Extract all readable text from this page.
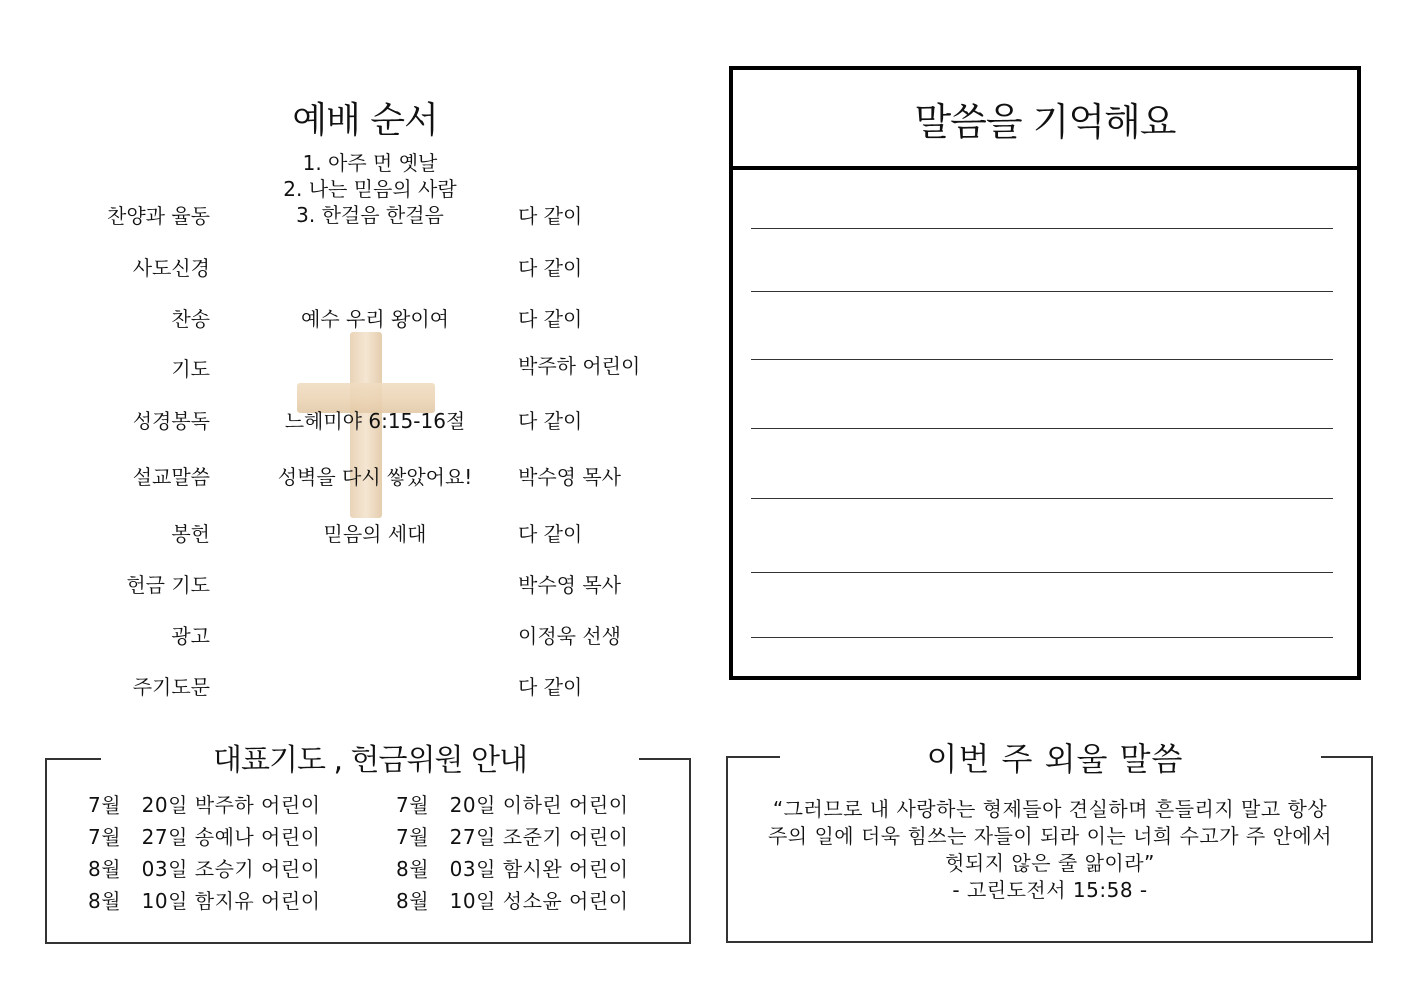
예배 순서
1. 아주 먼 옛날
2. 나는 믿음의 사람
3. 한걸음 한걸음
찬양과 율동	다 같이
사도신경	다 같이
찬송	예수 우리 왕이여	다 같이
기도	박주하 어린이
성경봉독	느헤미야 6:15-16절	다 같이
설교말씀	성벽을 다시 쌓았어요!	박수영 목사
봉헌	믿음의 세대	다 같이
헌금 기도	박수영 목사
광고	이정욱 선생
주기도문	다 같이
말씀을 기억해요
대표기도 , 헌금위원 안내
7월   20일 박주하 어린이
7월   27일 송예나 어린이
8월   03일 조승기 어린이
8월   10일 함지유 어린이
7월   20일 이하린 어린이
7월   27일 조준기 어린이
8월   03일 함시완 어린이
8월   10일 성소윤 어린이
이번 주 외울 말씀
“그러므로 내 사랑하는 형제들아 견실하며 흔들리지 말고 항상
주의 일에 더욱 힘쓰는 자들이 되라 이는 너희 수고가 주 안에서
헛되지 않은 줄 앎이라”
- 고린도전서 15:58 -
